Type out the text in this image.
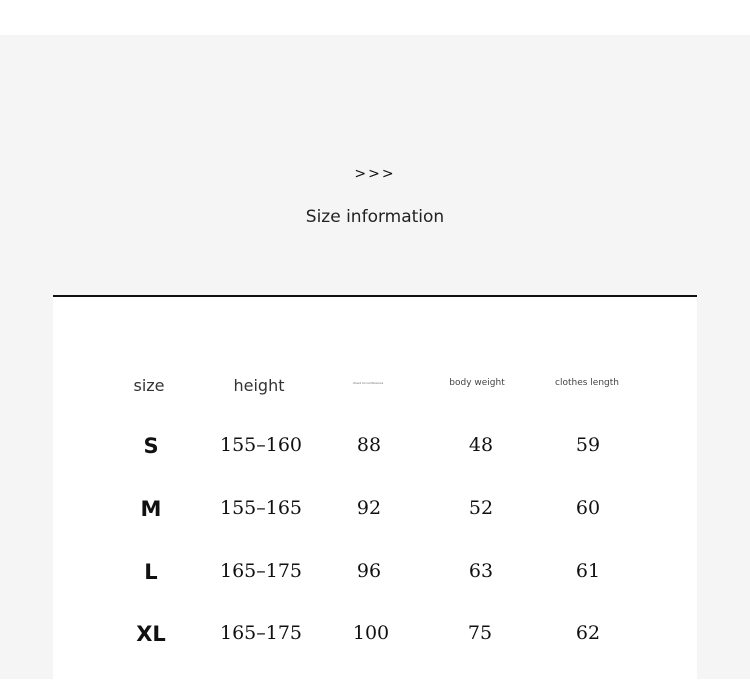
>>>
Size information
size	height	chest circumference	body weight	clothes length
S	155–160	88	48	59
M	155–165	92	52	60
L	165–175	96	63	61
XL	165–175	100	75	62
